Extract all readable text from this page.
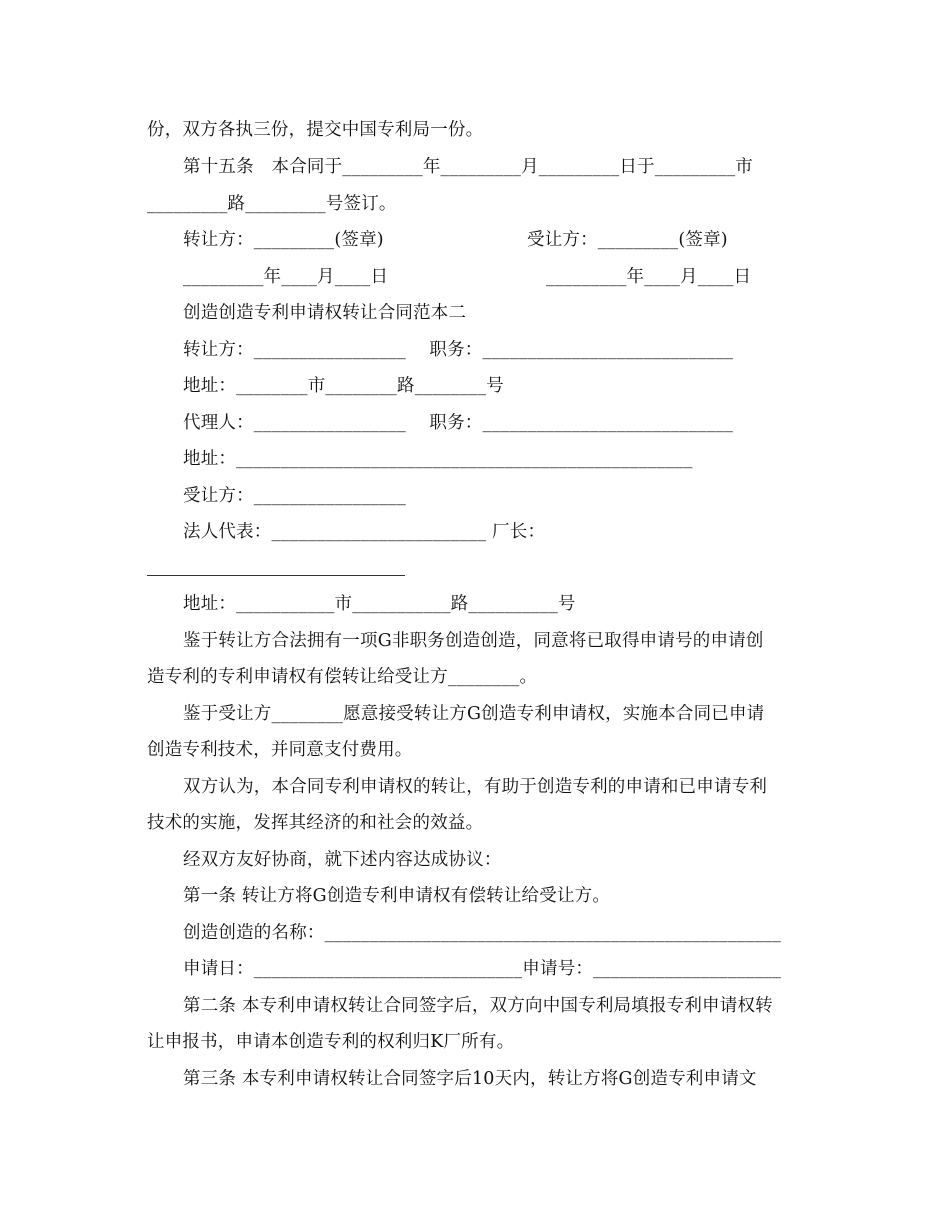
份，双方各执三份，提交中国专利局一份。
第十五条　本合同于_________年_________月_________日于_________市
_________路_________号签订。
转让方：_________(签章)	受让方：_________(签章)
_________年____月____日	_________年____月____日
创造创造专利申请权转让合同范本二
转让方：_________________　 职务：____________________________
地址：________市________路________号
代理人：_________________　 职务：____________________________
地址：___________________________________________________
受让方：_________________
法人代表：________________________ 厂长：
地址：___________市___________路__________号
鉴于转让方合法拥有一项G非职务创造创造，同意将已取得申请号的申请创
造专利的专利申请权有偿转让给受让方________。
鉴于受让方________愿意接受转让方G创造专利申请权，实施本合同已申请
创造专利技术，并同意支付费用。
双方认为，本合同专利申请权的转让，有助于创造专利的申请和已申请专利
技术的实施，发挥其经济的和社会的效益。
经双方友好协商，就下述内容达成协议：
第一条 转让方将G创造专利申请权有偿转让给受让方。
创造创造的名称：___________________________________________________
申请日：______________________________申请号：_____________________
第二条 本专利申请权转让合同签字后，双方向中国专利局填报专利申请权转
让申报书，申请本创造专利的权利归K厂所有。
第三条 本专利申请权转让合同签字后10天内，转让方将G创造专利申请文
